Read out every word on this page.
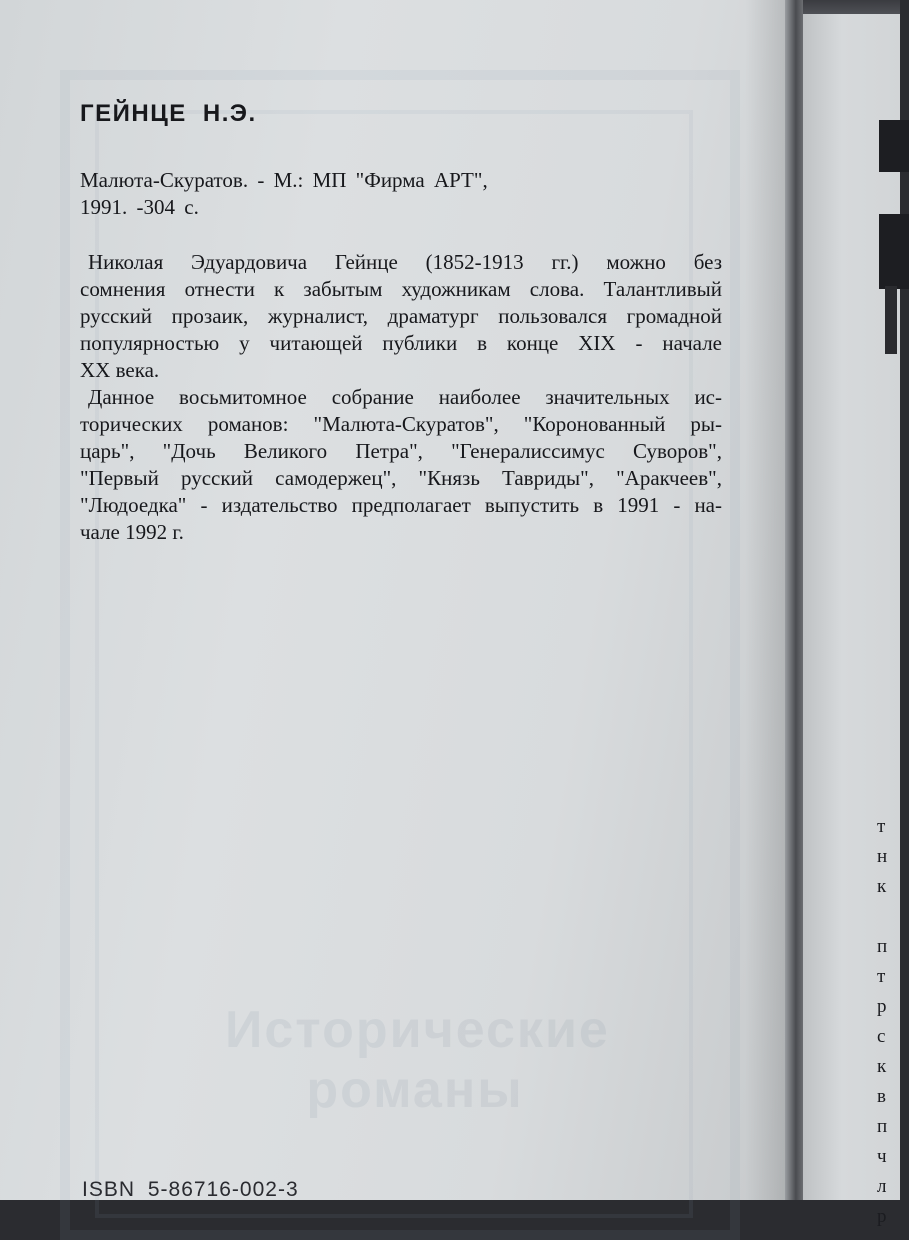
Исторические
романы
ГЕЙНЦЕ Н.Э.
Малюта-Скуратов. - М.: МП "Фирма АРТ",
1991. -304 с.
Николая Эдуардовича Гейнце (1852-1913 гг.) можно без
сомнения отнести к забытым художникам слова. Талантливый
русский прозаик, журналист, драматург пользовался громадной
популярностью у читающей публики в конце XIX - начале
XX века.
Данное восьмитомное собрание наиболее значительных ис-
торических романов: "Малюта-Скуратов", "Коронованный ры-
царь", "Дочь Великого Петра", "Генералиссимус Суворов",
"Первый русский самодержец", "Князь Тавриды", "Аракчеев",
"Людоедка" - издательство предполагает выпустить в 1991 - на-
чале 1992 г.
ISBN 5-86716-002-3
т
н
к
п
т
р
с
к
в
п
ч
л
р
